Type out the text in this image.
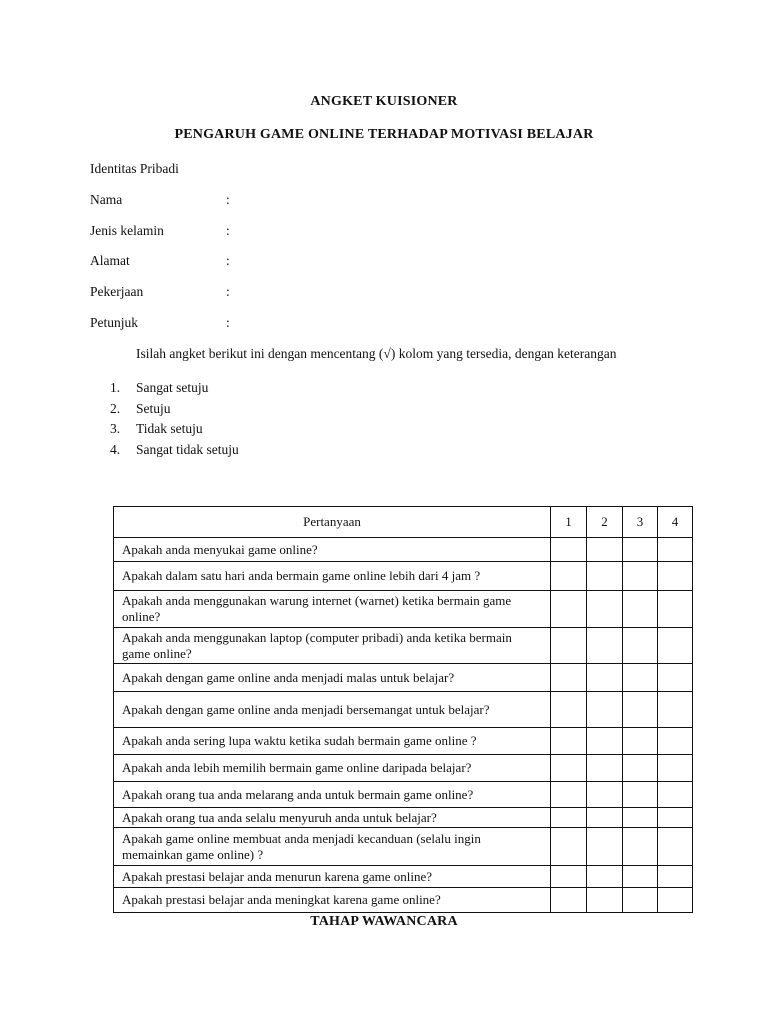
ANGKET KUISIONER
PENGARUH GAME ONLINE TERHADAP MOTIVASI BELAJAR
Identitas Pribadi
Nama	:
Jenis kelamin	:
Alamat	:
Pekerjaan	:
Petunjuk	:
Isilah angket berikut ini dengan mencentang (√) kolom yang tersedia, dengan keterangan
1.	Sangat setuju
2.	Setuju
3.	Tidak setuju
4.	Sangat tidak setuju
Pertanyaan	1	2	3	4
Apakah anda menyukai game online?				
Apakah dalam satu hari anda bermain game online lebih dari 4 jam ?				
Apakah anda menggunakan warung internet (warnet) ketika bermain game online?				
Apakah anda menggunakan laptop (computer pribadi) anda ketika bermain game online?				
Apakah dengan game online anda menjadi malas untuk belajar?				
Apakah dengan game online anda menjadi bersemangat untuk belajar?				
Apakah anda sering lupa waktu ketika sudah bermain game online ?				
Apakah anda lebih memilih bermain game online daripada belajar?				
Apakah orang tua anda melarang anda untuk bermain game online?				
Apakah orang tua anda selalu menyuruh anda untuk belajar?				
Apakah game online membuat anda menjadi kecanduan (selalu ingin memainkan game online) ?				
Apakah prestasi belajar anda menurun karena game online?				
Apakah prestasi belajar anda meningkat karena game online?				
TAHAP WAWANCARA
